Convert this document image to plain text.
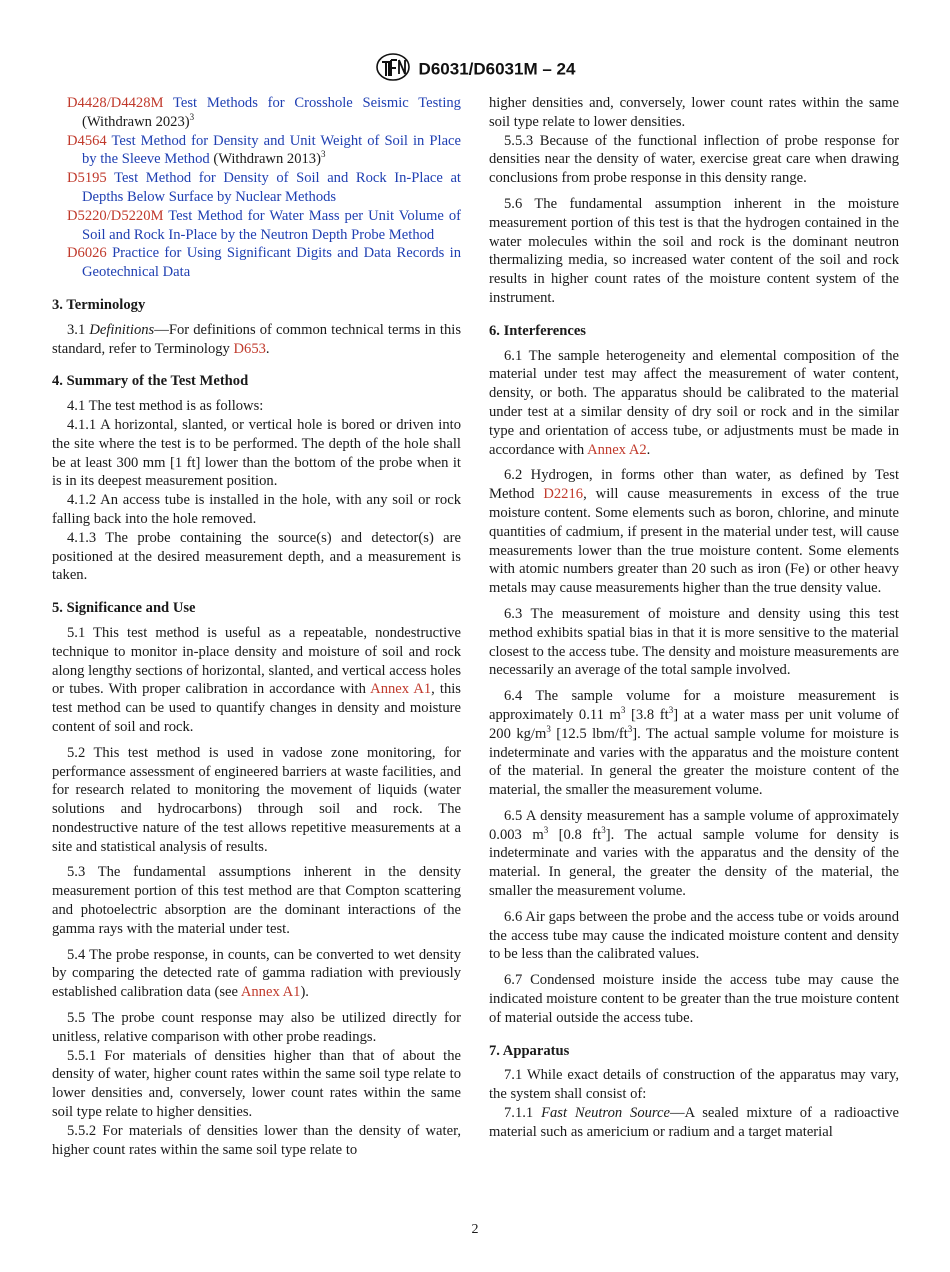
D6031/D6031M – 24
D4428/D4428M Test Methods for Crosshole Seismic Testing (Withdrawn 2023)$^3$
D4564 Test Method for Density and Unit Weight of Soil in Place by the Sleeve Method (Withdrawn 2013)$^3$
D5195 Test Method for Density of Soil and Rock In-Place at Depths Below Surface by Nuclear Methods
D5220/D5220M Test Method for Water Mass per Unit Volume of Soil and Rock In-Place by the Neutron Depth Probe Method
D6026 Practice for Using Significant Digits and Data Records in Geotechnical Data
3. Terminology

3.1 Definitions—For definitions of common technical terms in this standard, refer to Terminology D653.

4. Summary of the Test Method

4.1 The test method is as follows:

4.1.1 A horizontal, slanted, or vertical hole is bored or driven into the site where the test is to be performed. The depth of the hole shall be at least 300 mm [1 ft] lower than the bottom of the probe when it is in its deepest measurement position.

4.1.2 An access tube is installed in the hole, with any soil or rock falling back into the hole removed.

4.1.3 The probe containing the source(s) and detector(s) are positioned at the desired measurement depth, and a measurement is taken.

5. Significance and Use

5.1 This test method is useful as a repeatable, nondestructive technique to monitor in-place density and moisture of soil and rock along lengthy sections of horizontal, slanted, and vertical access holes or tubes. With proper calibration in accordance with Annex A1, this test method can be used to quantify changes in density and moisture content of soil and rock.

5.2 This test method is used in vadose zone monitoring, for performance assessment of engineered barriers at waste facilities, and for research related to monitoring the movement of liquids (water solutions and hydrocarbons) through soil and rock. The nondestructive nature of the test allows repetitive measurements at a site and statistical analysis of results.

5.3 The fundamental assumptions inherent in the density measurement portion of this test method are that Compton scattering and photoelectric absorption are the dominant interactions of the gamma rays with the material under test.

5.4 The probe response, in counts, can be converted to wet density by comparing the detected rate of gamma radiation with previously established calibration data (see Annex A1).

5.5 The probe count response may also be utilized directly for unitless, relative comparison with other probe readings.

5.5.1 For materials of densities higher than that of about the density of water, higher count rates within the same soil type relate to lower densities and, conversely, lower count rates within the same soil type relate to higher densities.

5.5.2 For materials of densities lower than the density of water, higher count rates within the same soil type relate to

higher densities and, conversely, lower count rates within the same soil type relate to lower densities.

5.5.3 Because of the functional inflection of probe response for densities near the density of water, exercise great care when drawing conclusions from probe response in this density range.

5.6 The fundamental assumption inherent in the moisture measurement portion of this test is that the hydrogen contained in the water molecules within the soil and rock is the dominant neutron thermalizing media, so increased water content of the soil and rock results in higher count rates of the moisture content system of the instrument.

6. Interferences

6.1 The sample heterogeneity and elemental composition of the material under test may affect the measurement of water content, density, or both. The apparatus should be calibrated to the material under test at a similar density of dry soil or rock and in the similar type and orientation of access tube, or adjustments must be made in accordance with Annex A2.

6.2 Hydrogen, in forms other than water, as defined by Test Method D2216, will cause measurements in excess of the true moisture content. Some elements such as boron, chlorine, and minute quantities of cadmium, if present in the material under test, will cause measurements lower than the true moisture content. Some elements with atomic numbers greater than 20 such as iron (Fe) or other heavy metals may cause measurements higher than the true density value.

6.3 The measurement of moisture and density using this test method exhibits spatial bias in that it is more sensitive to the material closest to the access tube. The density and moisture measurements are necessarily an average of the total sample involved.

6.4 The sample volume for a moisture measurement is approximately 0.11 $m^3$ [3.8 $ft^3$] at a water mass per unit volume of 200 $kg/m^3$ [12.5 lbm/$ft^3$]. The actual sample volume for moisture is indeterminate and varies with the apparatus and the moisture content of the material. In general the greater the moisture content of the material, the smaller the measurement volume.

6.5 A density measurement has a sample volume of approximately 0.003 $m^3$ [0.8 $ft^3$]. The actual sample volume for density is indeterminate and varies with the apparatus and the density of the material. In general, the greater the density of the material, the smaller the measurement volume.

6.6 Air gaps between the probe and the access tube or voids around the access tube may cause the indicated moisture content and density to be less than the calibrated values.

6.7 Condensed moisture inside the access tube may cause the indicated moisture content to be greater than the true moisture content of material outside the access tube.

7. Apparatus

7.1 While exact details of construction of the apparatus may vary, the system shall consist of:

7.1.1 Fast Neutron Source—A sealed mixture of a radioactive material such as americium or radium and a target material

2
